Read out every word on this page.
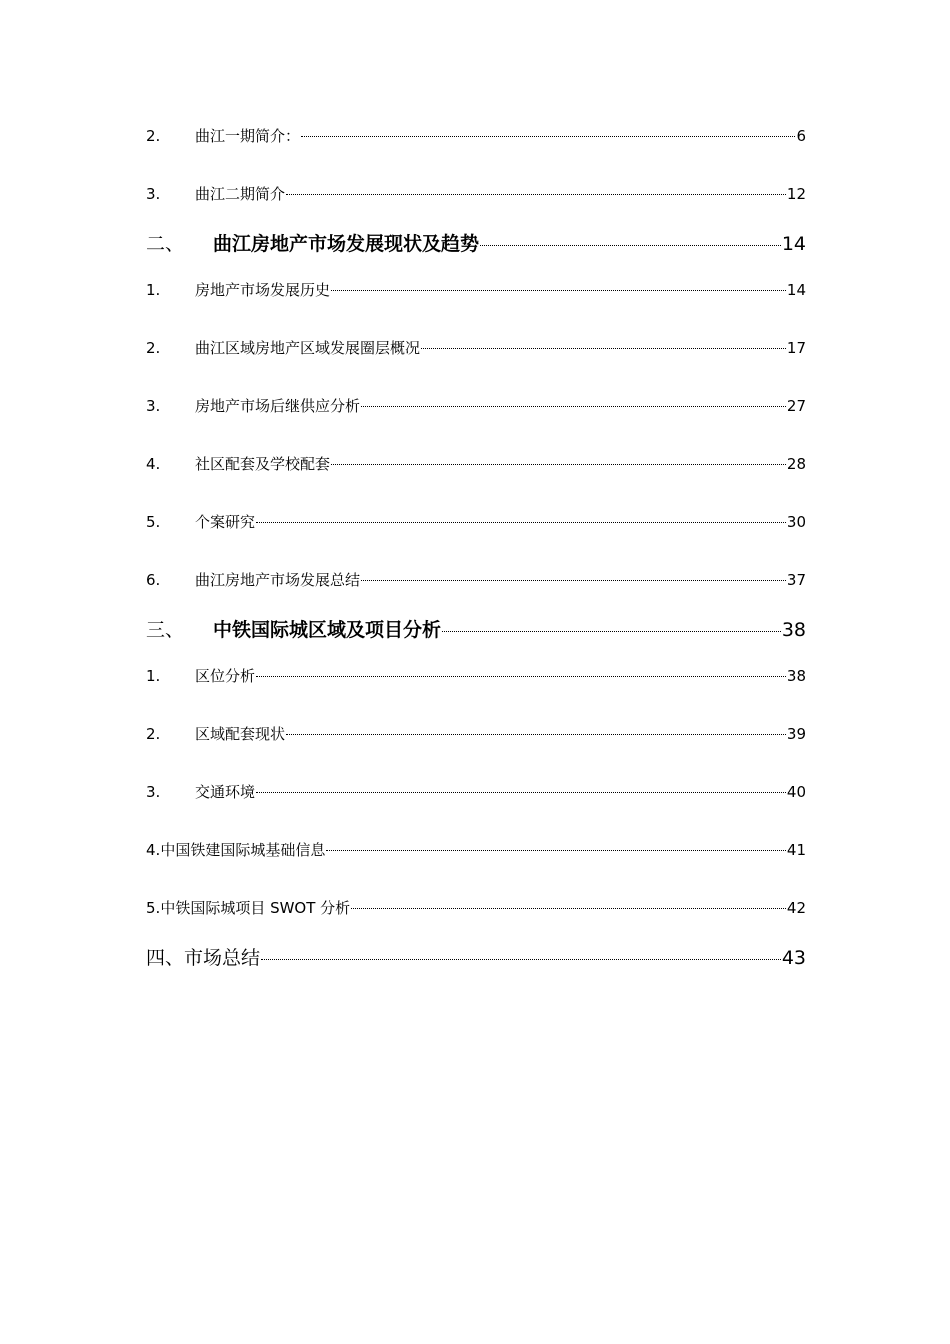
2.	曲江一期简介：	6
3.	曲江二期简介	12
二、	曲江房地产市场发展现状及趋势	14
1.	房地产市场发展历史	14
2.	曲江区域房地产区域发展圈层概况	17
3.	房地产市场后继供应分析	27
4.	社区配套及学校配套	28
5.	个案研究	30
6.	曲江房地产市场发展总结	37
三、	中铁国际城区域及项目分析	38
1.	区位分析	38
2.	区域配套现状	39
3.	交通环境	40
4. 中国铁建国际城基础信息	41
5. 中铁国际城项目 SWOT 分析	42
四、市场总结	43
